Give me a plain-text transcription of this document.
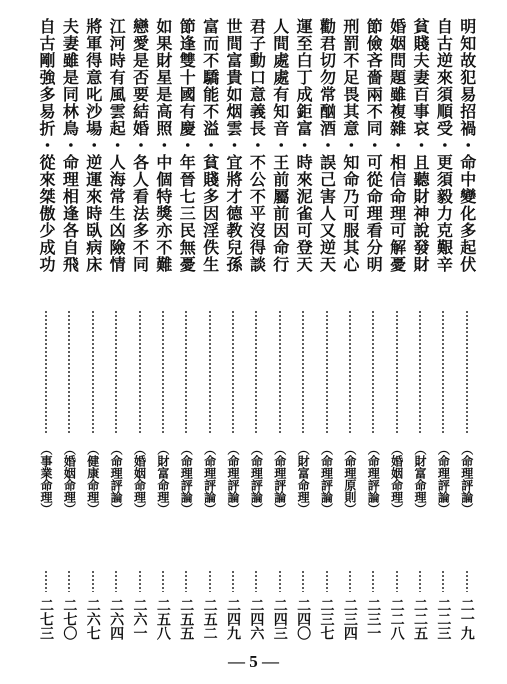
明知故犯易招禍・命中變化多起伏
（命理評論）
二一九
自古逆來須順受・更須毅力克艱辛
（命理評論）
二二三
貧賤夫妻百事哀・且聽財神說發財
（財富命理）
二二五
婚姻問題雖複雜・相信命理可解憂
（婚姻命理）
二二八
節儉吝嗇兩不同・可從命理看分明
（命理評論）
二三一
刑罰不足畏其意・知命乃可服其心
（命理原則）
二三四
勸君切勿常酗酒・誤己害人又逆天
（命理評論）
二三七
運至白丁成鉅富・時來泥雀可登天
（財富命理）
二四〇
人間處處有知音・王前屬前因命行
（命理評論）
二四三
君子動口意義長・不公不平沒得談
（命理評論）
二四六
世間富貴如烟雲・宜將才德教兒孫
（命理評論）
二四九
富而不驕能不溢・貧賤多因淫佚生
（命理評論）
二五二
節逢雙十國有慶・年晉七三民無憂
（命理評論）
二五五
如果財星是高照・中個特獎亦不難
（財富命理）
二五八
戀愛是否要結婚・各人看法多不同
（婚姻命理）
二六一
江河時有風雲起・人海常生凶險情
（命理評論）
二六四
將軍得意叱沙場・逆運來時臥病床
（健康命理）
二六七
夫妻雖是同林鳥・命理相逢各自飛
（婚姻命理）
二七〇
自古剛強多易折・從來桀傲少成功
（事業命理）
二七三
— 5 —
